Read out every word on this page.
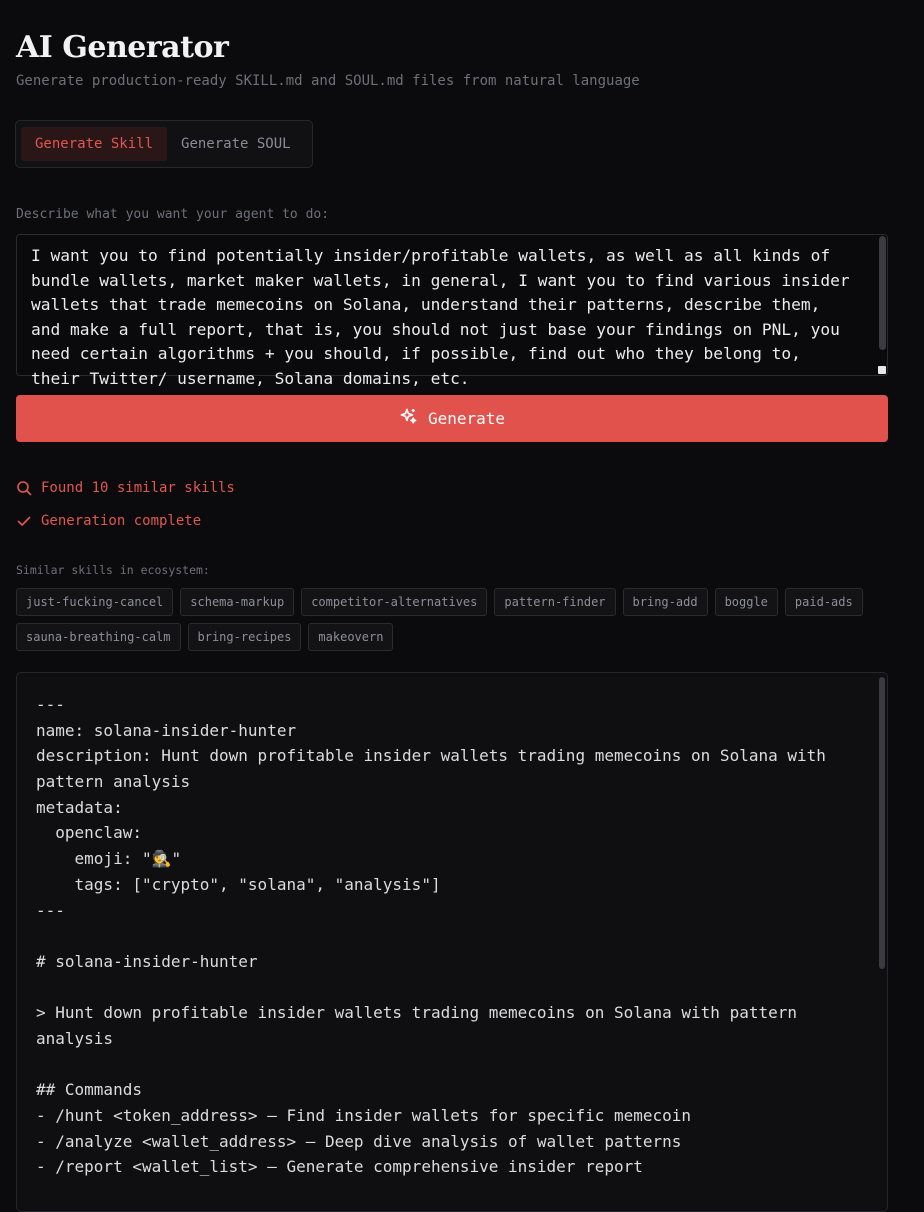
AI Generator
Generate production-ready SKILL.md and SOUL.md files from natural language
Generate Skill	Generate SOUL
Describe what you want your agent to do:
I want you to find potentially insider/profitable wallets, as well as all kinds of bundle wallets, market maker wallets, in general, I want you to find various insider wallets that trade memecoins on Solana, understand their patterns, describe them, and make a full report, that is, you should not just base your findings on PNL, you need certain algorithms + you should, if possible, find out who they belong to, their Twitter/ username, Solana domains, etc.
Generate
Found 10 similar skills
Generation complete
Similar skills in ecosystem:
just-fucking-cancel	schema-markup	competitor-alternatives	pattern-finder	bring-add	boggle	paid-ads
sauna-breathing-calm	bring-recipes	makeovern
---
name: solana-insider-hunter
description: Hunt down profitable insider wallets trading memecoins on Solana with
pattern analysis
metadata:
openclaw:
emoji: "🕵"
tags: ["crypto", "solana", "analysis"]
---
# solana-insider-hunter
> Hunt down profitable insider wallets trading memecoins on Solana with pattern
analysis
## Commands
- /hunt <token_address> — Find insider wallets for specific memecoin
- /analyze <wallet_address> — Deep dive analysis of wallet patterns
- /report <wallet_list> — Generate comprehensive insider report
